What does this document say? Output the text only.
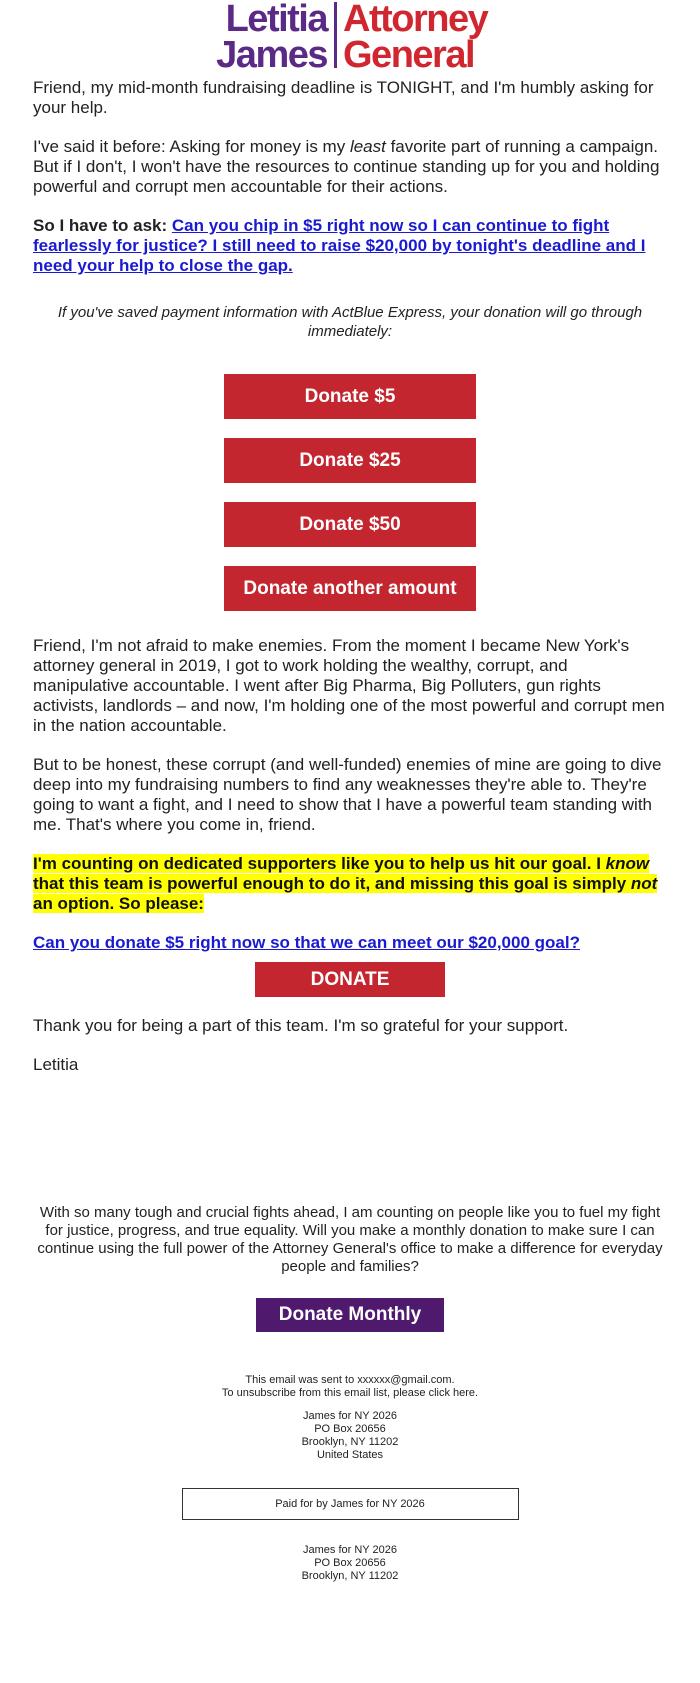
Letitia
James
Attorney
General

Friend, my mid-month fundraising deadline is TONIGHT, and I'm humbly asking for your help.

I've said it before: Asking for money is my least favorite part of running a campaign. But if I don't, I won't have the resources to continue standing up for you and holding powerful and corrupt men accountable for their actions.

So I have to ask: Can you chip in $5 right now so I can continue to fight fearlessly for justice? I still need to raise $20,000 by tonight's deadline and I need your help to close the gap.

If you've saved payment information with ActBlue Express, your donation will go through immediately:

Donate $5
Donate $25
Donate $50
Donate another amount

Friend, I'm not afraid to make enemies. From the moment I became New York's attorney general in 2019, I got to work holding the wealthy, corrupt, and manipulative accountable. I went after Big Pharma, Big Polluters, gun rights activists, landlords – and now, I'm holding one of the most powerful and corrupt men in the nation accountable.

But to be honest, these corrupt (and well-funded) enemies of mine are going to dive deep into my fundraising numbers to find any weaknesses they're able to. They're going to want a fight, and I need to show that I have a powerful team standing with me. That's where you come in, friend.

I'm counting on dedicated supporters like you to help us hit our goal. I know that this team is powerful enough to do it, and missing this goal is simply not an option. So please:

Can you donate $5 right now so that we can meet our $20,000 goal?

DONATE

Thank you for being a part of this team. I'm so grateful for your support.

Letitia

With so many tough and crucial fights ahead, I am counting on people like you to fuel my fight for justice, progress, and true equality. Will you make a monthly donation to make sure I can continue using the full power of the Attorney General's office to make a difference for everyday people and families?

Donate Monthly
This email was sent to xxxxxx@gmail.com.
To unsubscribe from this email list, please click here.
James for NY 2026
PO Box 20656
Brooklyn, NY 11202
United States
Paid for by James for NY 2026
James for NY 2026
PO Box 20656
Brooklyn, NY 11202
